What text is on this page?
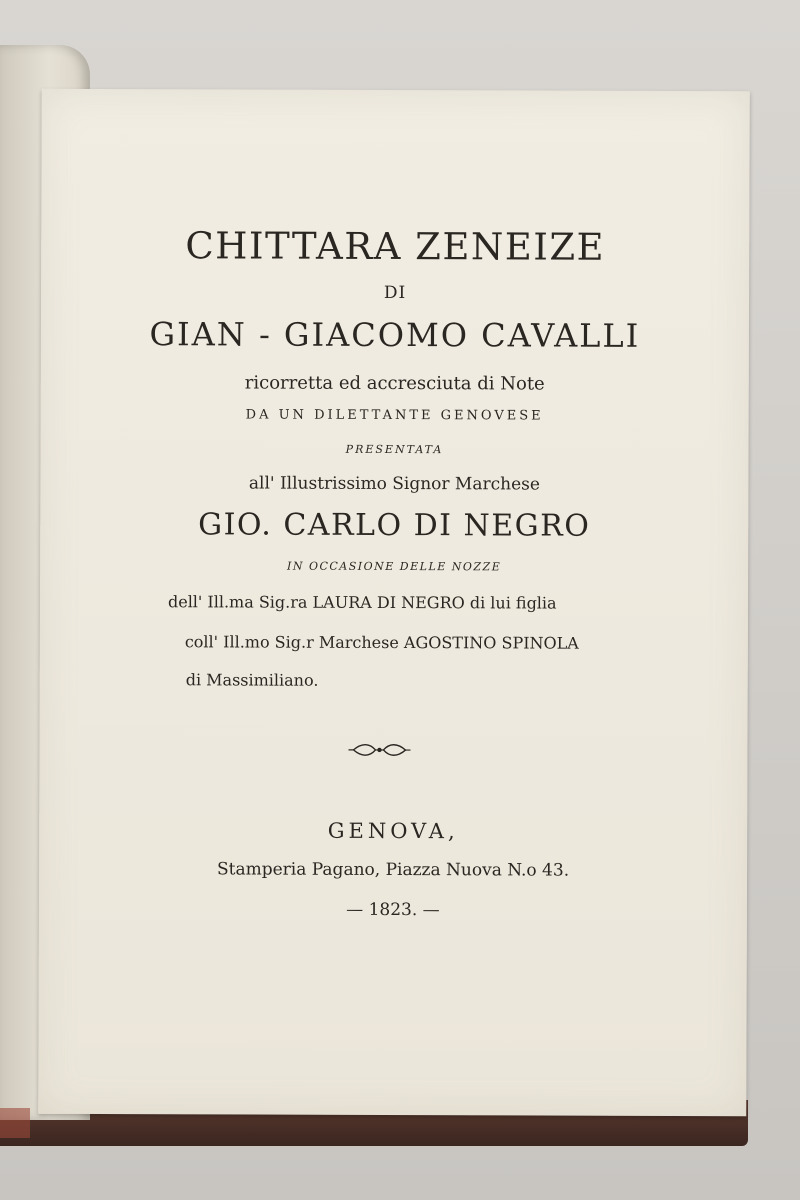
CHITTARA ZENEIZE
DI
GIAN - GIACOMO CAVALLI
ricorretta ed accresciuta di Note
DA UN DILETTANTE GENOVESE
PRESENTATA
all' Illustrissimo Signor Marchese
GIO. CARLO DI NEGRO
IN OCCASIONE DELLE NOZZE
dell' Ill.ma Sig.ra LAURA DI NEGRO di lui figlia
coll' Ill.mo Sig.r Marchese AGOSTINO SPINOLA
di Massimiliano.
GENOVA,
Stamperia Pagano, Piazza Nuova N.o 43.
— 1823. —
